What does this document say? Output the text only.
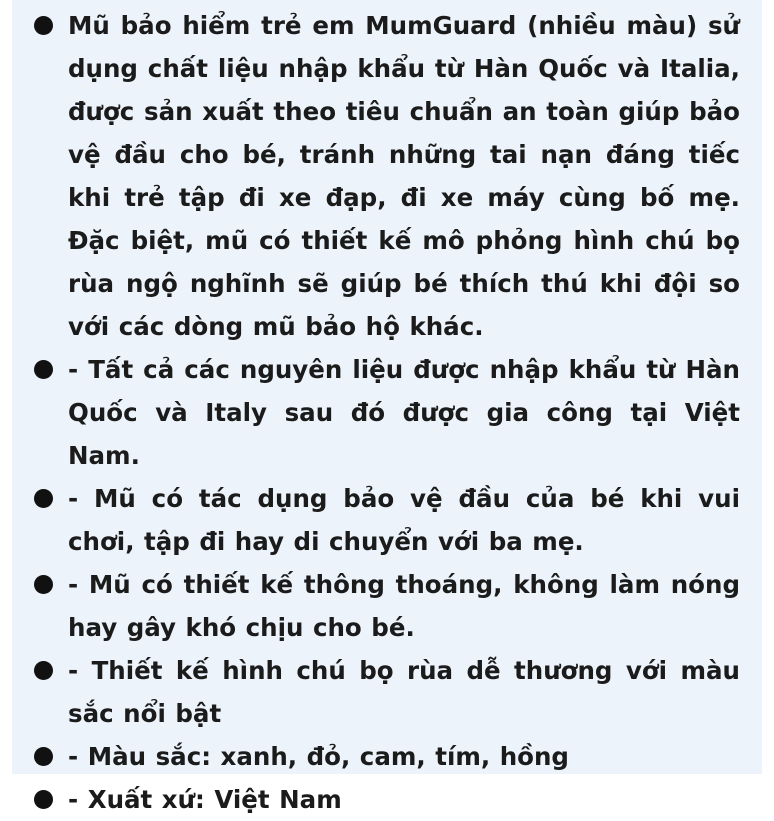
Mũ bảo hiểm trẻ em MumGuard (nhiều màu) sử dụng chất liệu nhập khẩu từ Hàn Quốc và Italia, được sản xuất theo tiêu chuẩn an toàn giúp bảo vệ đầu cho bé, tránh những tai nạn đáng tiếc khi trẻ tập đi xe đạp, đi xe máy cùng bố mẹ. Đặc biệt, mũ có thiết kế mô phỏng hình chú bọ rùa ngộ nghĩnh sẽ giúp bé thích thú khi đội so với các dòng mũ bảo hộ khác.
- Tất cả các nguyên liệu được nhập khẩu từ Hàn Quốc và Italy sau đó được gia công tại Việt Nam.
- Mũ có tác dụng bảo vệ đầu của bé khi vui chơi, tập đi hay di chuyển với ba mẹ.
- Mũ có thiết kế thông thoáng, không làm nóng hay gây khó chịu cho bé.
- Thiết kế hình chú bọ rùa dễ thương với màu sắc nổi bật
- Màu sắc: xanh, đỏ, cam, tím, hồng
- Xuất xứ: Việt Nam
